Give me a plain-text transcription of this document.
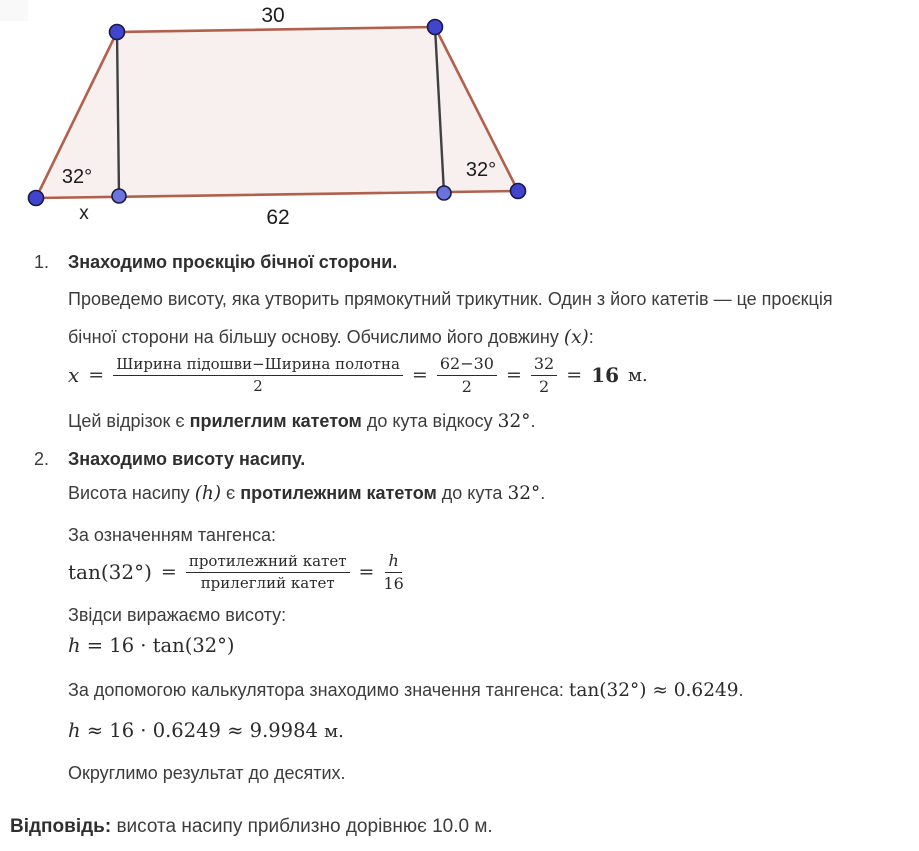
30
62
32°	32°
x
1.	Знаходимо проєкцію бічної сторони.
Проведемо висоту, яка утворить прямокутний трикутник. Один з його катетів — це проєкція бічної сторони на більшу основу. Обчислимо його довжину (x):
$x = \frac{\text{Ширина підошви−Ширина полотна}}{2} = \frac{62-30}{2} = \frac{32}{2} = 16$ м.
Цей відрізок є прилеглим катетом до кута відкосу 32°.
2.	Знаходимо висоту насипу.
Висота насипу (h) є протилежним катетом до кута 32°.
За означенням тангенса:
$\tan(32^\circ) = \frac{\text{протилежний катет}}{\text{прилеглий катет}} = \frac{h}{16}$
Звідси виражаємо висоту:
h = 16 · tan(32°)
За допомогою калькулятора знаходимо значення тангенса: tan(32°) ≈ 0.6249.
h ≈ 16 · 0.6249 ≈ 9.9984 м.
Округлимо результат до десятих.
Відповідь: висота насипу приблизно дорівнює 10.0 м.
